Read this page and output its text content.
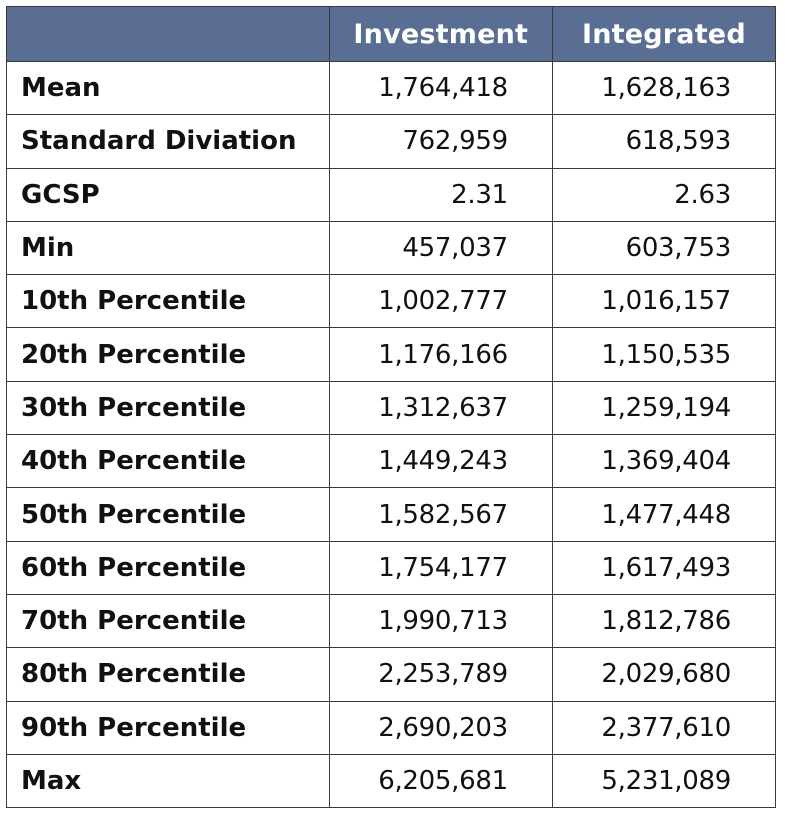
	Investment	Integrated
Mean	1,764,418	1,628,163
Standard Diviation	762,959	618,593
GCSP	2.31	2.63
Min	457,037	603,753
10th Percentile	1,002,777	1,016,157
20th Percentile	1,176,166	1,150,535
30th Percentile	1,312,637	1,259,194
40th Percentile	1,449,243	1,369,404
50th Percentile	1,582,567	1,477,448
60th Percentile	1,754,177	1,617,493
70th Percentile	1,990,713	1,812,786
80th Percentile	2,253,789	2,029,680
90th Percentile	2,690,203	2,377,610
Max	6,205,681	5,231,089
